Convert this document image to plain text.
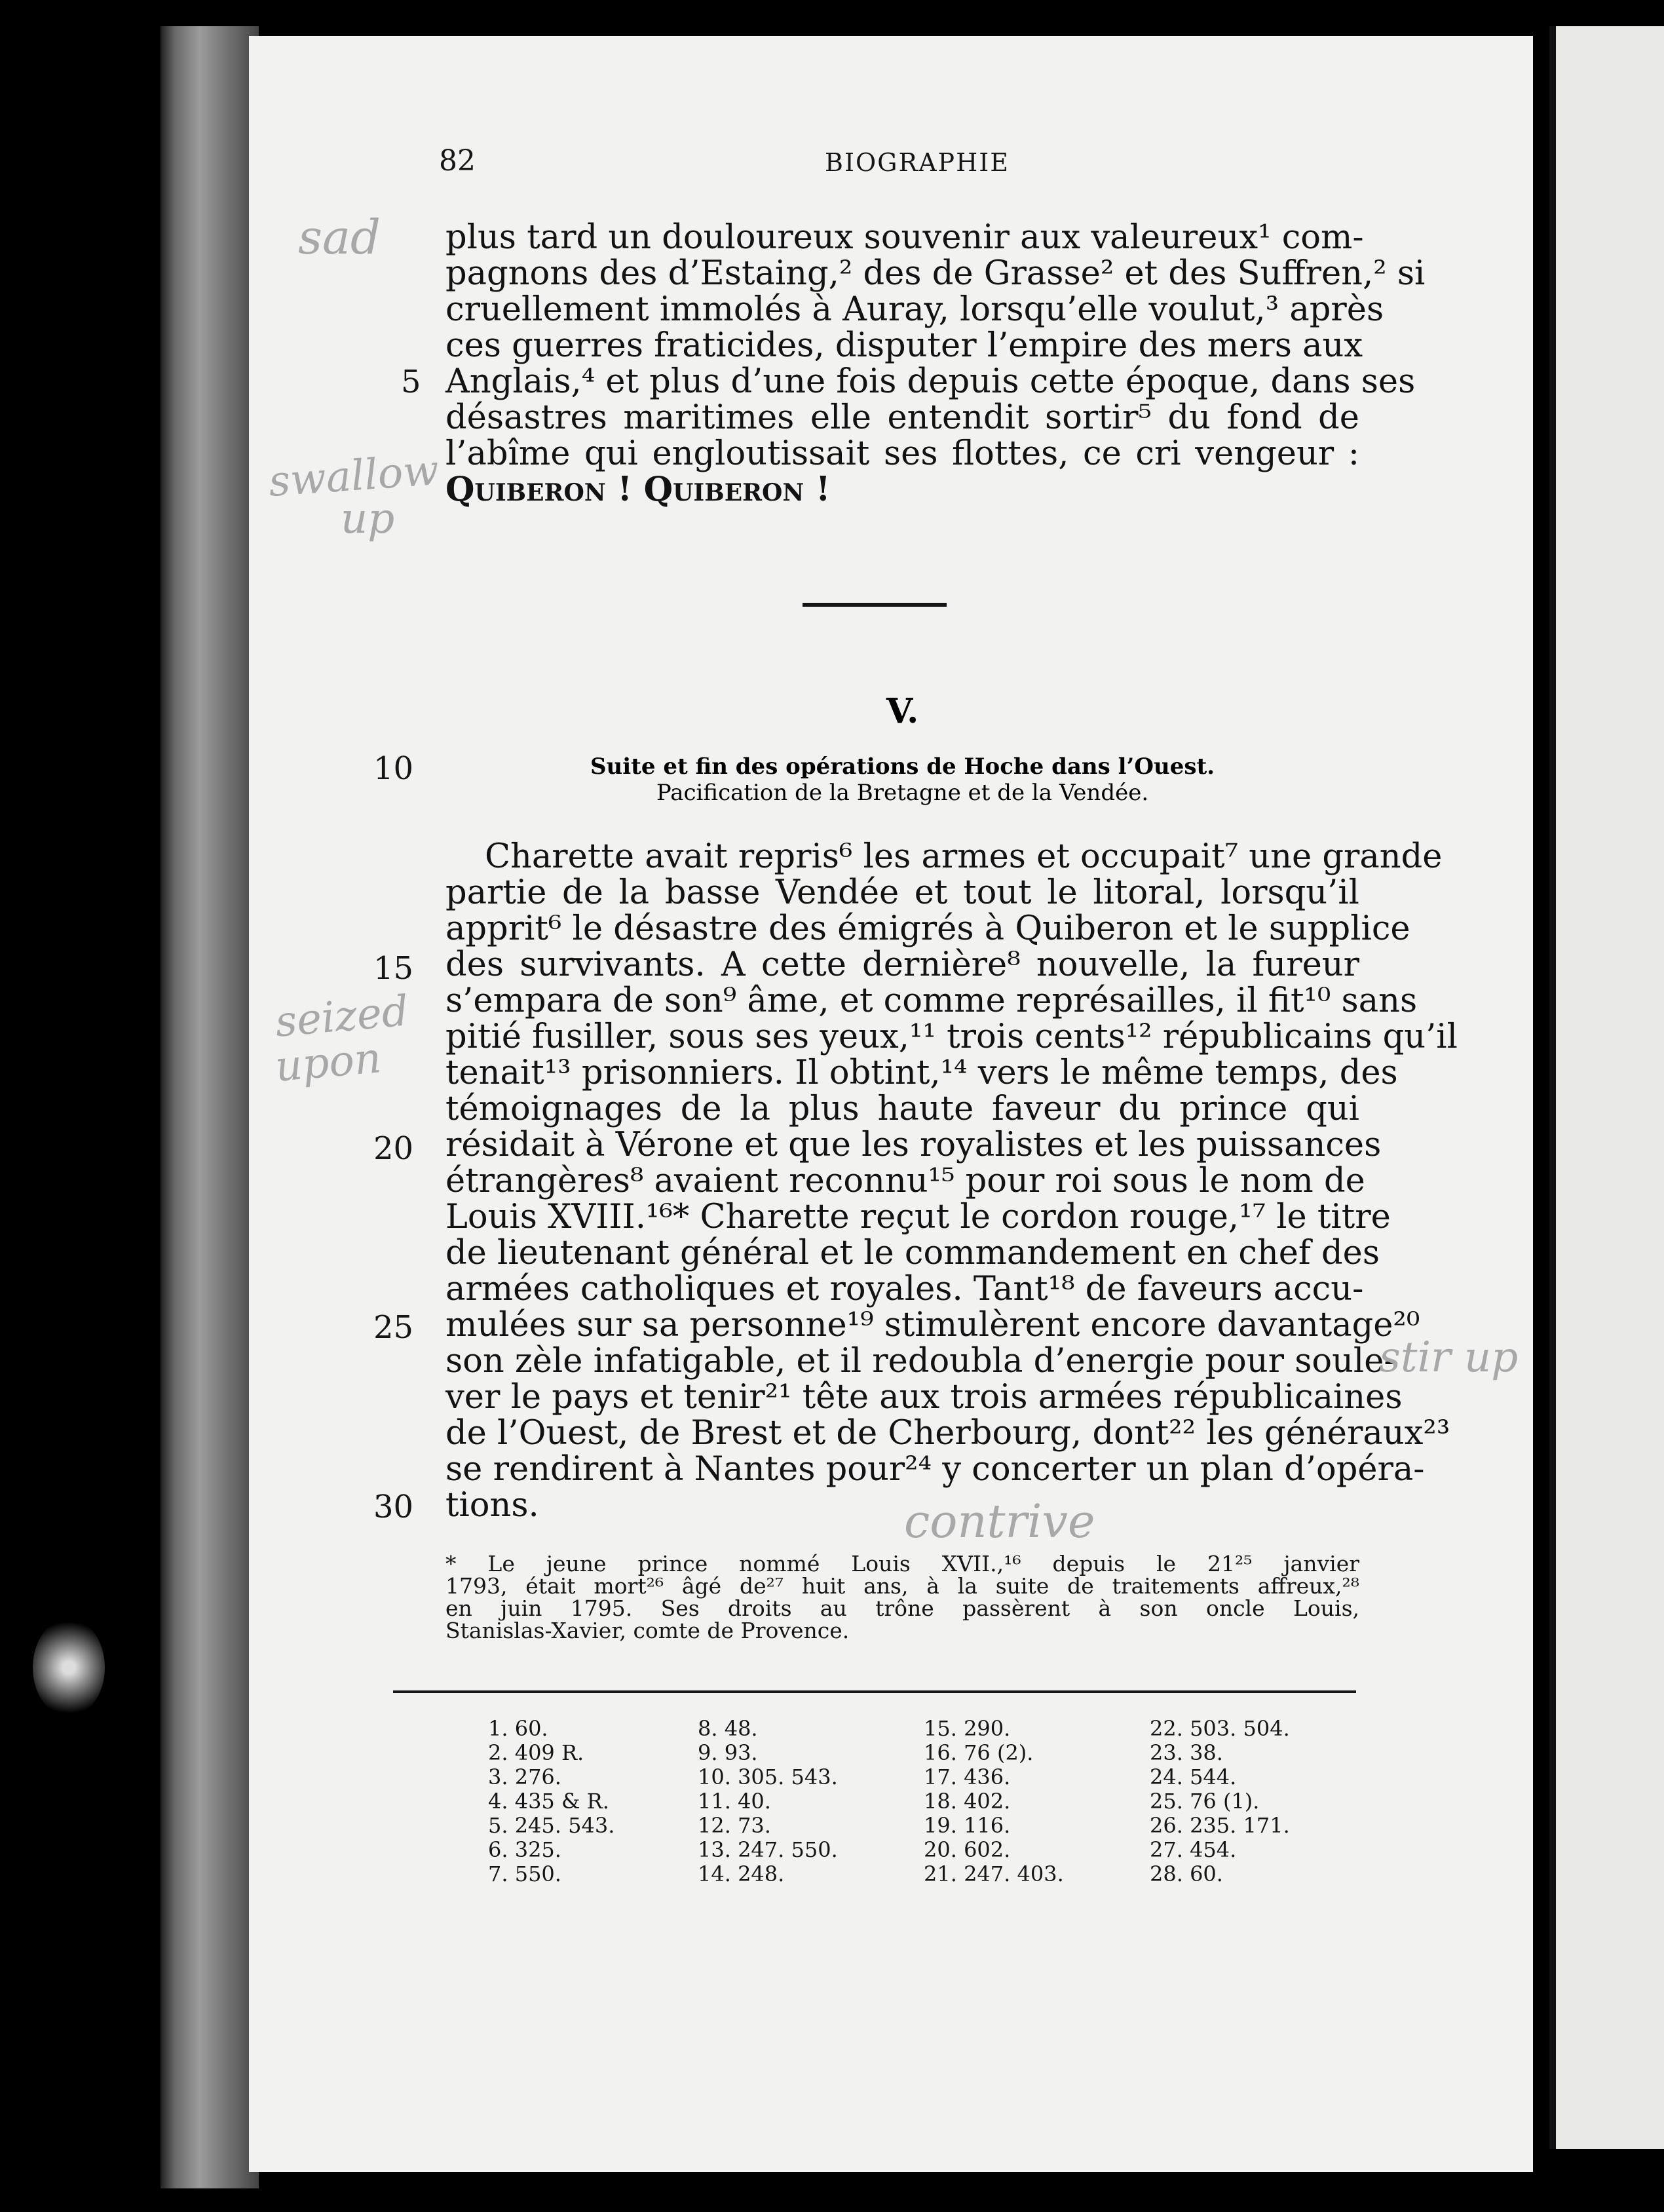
82	BIOGRAPHIE
plus tard un douloureux souvenir aux valeureux¹ com-
pagnons des d’Estaing,² des de Grasse² et des Suffren,² si
cruellement immolés à Auray, lorsqu’elle voulut,³ après
ces guerres fraticides, disputer l’empire des mers aux
Anglais,⁴ et plus d’une fois depuis cette époque, dans ses
désastres maritimes elle entendit sortir⁵ du fond de
l’abîme qui engloutissait ses flottes, ce cri vengeur :
Quiberon ! Quiberon !
5
10
15
20
25
30
V.
Suite et fin des opérations de Hoche dans l’Ouest.
Pacification de la Bretagne et de la Vendée.
Charette avait repris⁶ les armes et occupait⁷ une grande
partie de la basse Vendée et tout le litoral, lorsqu’il
apprit⁶ le désastre des émigrés à Quiberon et le supplice
des survivants. A cette dernière⁸ nouvelle, la fureur
s’empara de son⁹ âme, et comme représailles, il fit¹⁰ sans
pitié fusiller, sous ses yeux,¹¹ trois cents¹² républicains qu’il
tenait¹³ prisonniers. Il obtint,¹⁴ vers le même temps, des
témoignages de la plus haute faveur du prince qui
résidait à Vérone et que les royalistes et les puissances
étrangères⁸ avaient reconnu¹⁵ pour roi sous le nom de
Louis XVIII.¹⁶* Charette reçut le cordon rouge,¹⁷ le titre
de lieutenant général et le commandement en chef des
armées catholiques et royales. Tant¹⁸ de faveurs accu-
mulées sur sa personne¹⁹ stimulèrent encore davantage²⁰
son zèle infatigable, et il redoubla d’energie pour soule-
ver le pays et tenir²¹ tête aux trois armées républicaines
de l’Ouest, de Brest et de Cherbourg, dont²² les généraux²³
se rendirent à Nantes pour²⁴ y concerter un plan d’opéra-
tions.
* Le jeune prince nommé Louis XVII.,¹⁶ depuis le 21²⁵ janvier
1793, était mort²⁶ âgé de²⁷ huit ans, à la suite de traitements affreux,²⁸
en juin 1795. Ses droits au trône passèrent à son oncle Louis,
Stanislas-Xavier, comte de Provence.
1. 60.
2. 409 R.
3. 276.
4. 435 & R.
5. 245. 543.
6. 325.
7. 550.
8. 48.
9. 93.
10. 305. 543.
11. 40.
12. 73.
13. 247. 550.
14. 248.
15. 290.
16. 76 (2).
17. 436.
18. 402.
19. 116.
20. 602.
21. 247. 403.
22. 503. 504.
23. 38.
24. 544.
25. 76 (1).
26. 235. 171.
27. 454.
28. 60.
sad
swallow
up
seized
upon
stir up
contrive
